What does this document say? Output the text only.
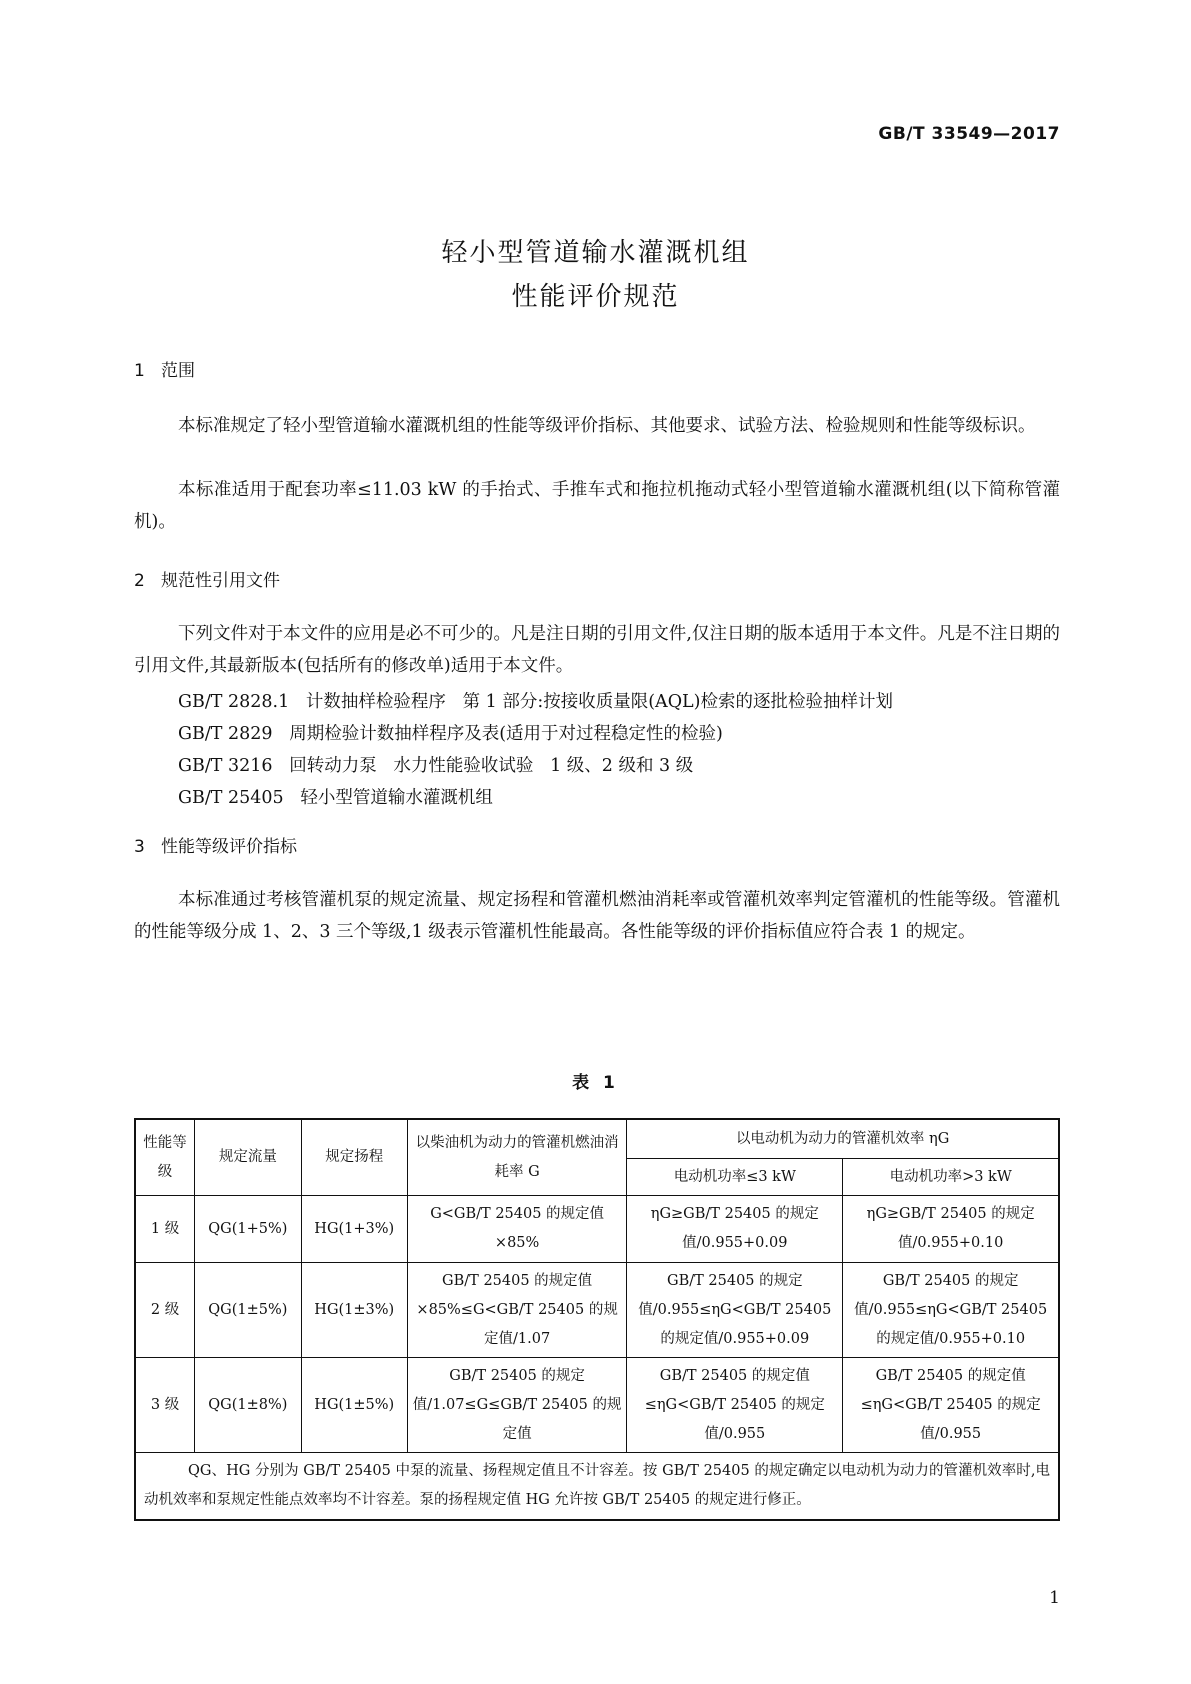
GB/T 33549—2017
轻小型管道输水灌溉机组
性能评价规范
1   范围
本标准规定了轻小型管道输水灌溉机组的性能等级评价指标、其他要求、试验方法、检验规则和性能等级标识。
本标准适用于配套功率≤11.03 kW 的手抬式、手推车式和拖拉机拖动式轻小型管道输水灌溉机组(以下简称管灌机)。
2   规范性引用文件
下列文件对于本文件的应用是必不可少的。凡是注日期的引用文件,仅注日期的版本适用于本文件。凡是不注日期的引用文件,其最新版本(包括所有的修改单)适用于本文件。
GB/T 2828.1   计数抽样检验程序   第 1 部分:按接收质量限(AQL)检索的逐批检验抽样计划
GB/T 2829   周期检验计数抽样程序及表(适用于对过程稳定性的检验)
GB/T 3216   回转动力泵   水力性能验收试验   1 级、2 级和 3 级
GB/T 25405   轻小型管道输水灌溉机组
3   性能等级评价指标
本标准通过考核管灌机泵的规定流量、规定扬程和管灌机燃油消耗率或管灌机效率判定管灌机的性能等级。管灌机的性能等级分成 1、2、3 三个等级,1 级表示管灌机性能最高。各性能等级的评价指标值应符合表 1 的规定。
表 1
性能等级	规定流量	规定扬程	以柴油机为动力的管灌机燃油消耗率 G	以电动机为动力的管灌机效率 ηG	
				电动机功率≤3 kW	电动机功率>3 kW
1 级	QG(1+5%)	HG(1+3%)	G<GB/T 25405 的规定值×85%	ηG≥GB/T 25405 的规定值/0.955+0.09	ηG≥GB/T 25405 的规定值/0.955+0.10
2 级	QG(1±5%)	HG(1±3%)	GB/T 25405 的规定值×85%≤G<GB/T 25405 的规定值/1.07	GB/T 25405 的规定值/0.955≤ηG<GB/T 25405 的规定值/0.955+0.09	GB/T 25405 的规定值/0.955≤ηG<GB/T 25405 的规定值/0.955+0.10
3 级	QG(1±8%)	HG(1±5%)	GB/T 25405 的规定值/1.07≤G≤GB/T 25405 的规定值	GB/T 25405 的规定值≤ηG<GB/T 25405 的规定值/0.955	GB/T 25405 的规定值≤ηG<GB/T 25405 的规定值/0.955
QG、HG 分别为 GB/T 25405 中泵的流量、扬程规定值且不计容差。按 GB/T 25405 的规定确定以电动机为动力的管灌机效率时,电动机效率和泵规定性能点效率均不计容差。泵的扬程规定值 HG 允许按 GB/T 25405 的规定进行修正。					
1
